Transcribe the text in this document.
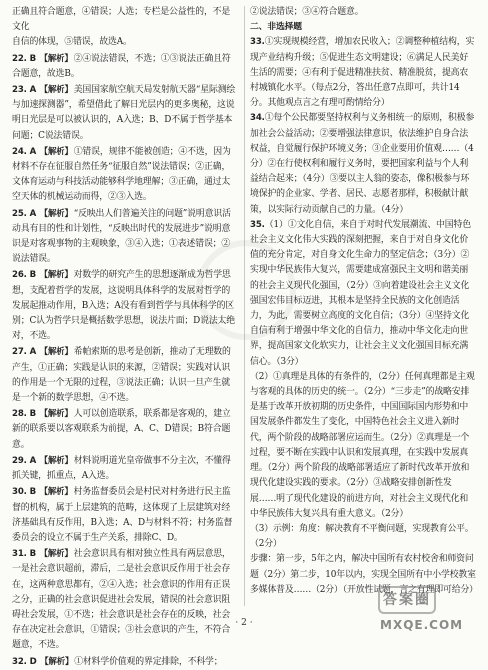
正确且符合题意，④错误；人选；专栏是公益性的，不是文化
自信的体现，⑤错误，故选A。
22. B 【解析】②④说法错误，不选；①③说法正确且符合题意，故选B。
23. A 【解析】美国国家航空航天局发射航天器“星际测绘与加速探测器”，希望借此了解日光层内的更多奥秘，这说明日光层是可以被认识的，A入选；B、D不属于哲学基本问题；C说法错误。
24. A 【解析】①错误，规律不能被创造；④不选，因为材料不存在征服自然任务“征服自然”说法错误；②正确，文体育运动与科技活动能够科学地理解；③正确，通过太空天体的机械运动而得，②③入选。
25. A 【解析】“反映出人们普遍关注的问题”说明意识活动具有目的性和计划性，“反映出时代的发展进步”说明意识是对客观事物的主观映象，③④入选；①表述错误；②说法错误。
26. B 【解析】对数学的研究产生的思想逐渐成为哲学思想，支配着哲学的发展，这说明具体科学的发展对哲学的发展起推动作用，B入选；A没有看到哲学与具体科学的区别；C认为哲学只是概括数学思想，说法片面；D说法太绝对，不选。
27. A 【解析】希帕索斯的思考是创新，推动了无理数的产生，①正确；实践是认识的来源，②错误；实践对认识的作用是一个无限的过程，③说法正确；认识一旦产生就是一个新的数学思想，④不选。
28. B 【解析】人可以创造联系，联系都是客观的，建立新的联系要以客观联系为前提，A、C、D错误；B符合题意。
29. A 【解析】材料说明道光皇帝做事不分主次，不懂得抓关键，抓重点，A入选。
30. B 【解析】村务监督委员会是村民对村务进行民主监督的机构，属于上层建筑的范畴，这体现了上层建筑对经济基础具有反作用，B入选；A、D与材料不符；村务监督委员会的设立不属于生产关系，排除C、D。
31. B 【解析】社会意识具有相对独立性具有两层意思，一是社会意识超前，滞后，二是社会意识反作用于社会存在，这两种意思都有，②④入选；社会意识的作用有正误之分，正确的社会意识促进社会发展，错误的社会意识阻碍社会发展，①不选；社会意识是社会存在的反映，社会存在决定社会意识，①错误；③社会意识的产生，不符合题意，不选。
32. D 【解析】①材料学价值观的界定排除，不科学；
②说法错误；③④符合题意。
二、非选择题
33.①实现规模经营，增加农民收入；②调整种植结构，实现产业结构升级；⑤促进生态文明建设；⑥满足人民美好生活的需要；④有利于促进精准扶贫、精准脱贫，提高农村城镇化水平。（每点2分，答出任意7点即可，共计14分。其他观点言之有理可酌情给分）
34.①每个公民都要坚持权利与义务相统一的原则，积极参加社会公益活动；②要增强法律意识，依法维护自身合法权益，自觉履行保护环境义务；③企业要用价值观……（4分）②在行使权利和履行义务时，要把国家利益与个人利益结合起来；（4分）③要以主人翁的姿态，像积极参与环境保护的企业家、学者、居民、志愿者那样，积极献计献策，以实际行动贡献自己的力量。（4分）
35.（1）①文化自信，来自于对时代发展潮流、中国特色社会主义文化伟大实践的深刻把握，来自于对自身文化价值的充分肯定，对自身文化生命力的坚定信念；（3分）②实现中华民族伟大复兴，需要建成富强民主文明和谐美丽的社会主义现代化强国，（2分）③向着建设社会主义文化强国宏伟目标迈进，其根本是坚持全民族的文化创造活力，为此，需要树立高度的文化自信；（3分）④坚持文化自信有利于增强中华文化的自信力，推动中华文化走向世界，提高国家文化软实力，让社会主义文化强国目标充满信心。（3分）
（2）①真理是具体的有条件的，（2分）任何真理都是主观与客观的具体的历史的统一。（2分）“三步走”的战略安排是基于改革开放初期的历史条件，中国国际国内形势和中国发展条件都发生了变化，中国特色社会主义进入新时代，两个阶段的战略部署应运而生。（2分）②真理是一个过程，要不断在实践中认识和发展真理，在实践中发展真理。（2分）两个阶段的战略部署适应了新时代改革开放和现代化建设实践的要求。（2分）③战略安排创新性发展……明了现代化建设的前进方向，对社会主义现代化和中华民族伟大复兴具有重大意义。（2分）
（3）示例：角度：解决教育不平衡问题，实现教育公平。（2分）
步骤：第一步，5年之内，解决中国所有农村校舍和师资问题（2分）第二步，10年以内，实现全国所有中小学校教室多媒体普及……（2分）（开放性试题，言之有理即可给分）
· 2 ·
答案圈
MXQE.COM
